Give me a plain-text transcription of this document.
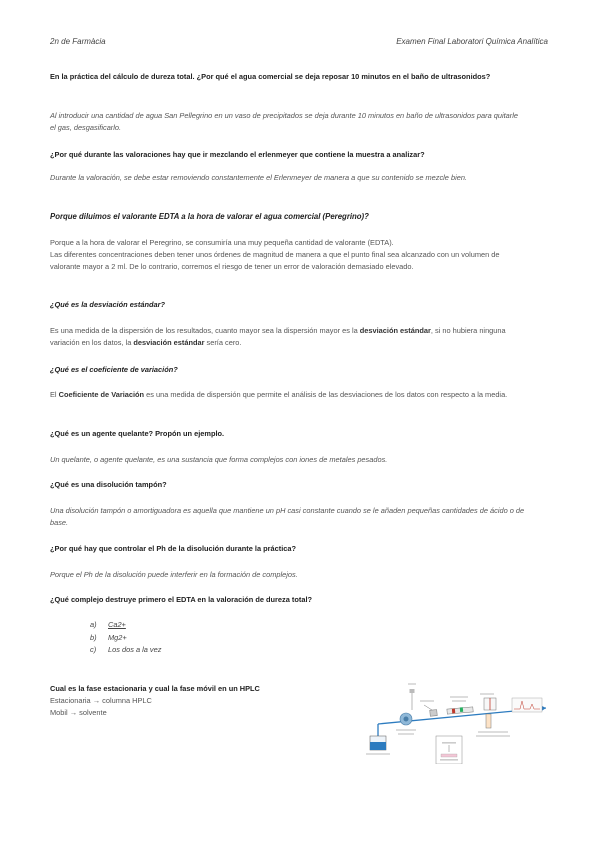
2n de Farmàcia	Examen Final Laboratori Química Analítica
En la práctica del cálculo de dureza total. ¿Por qué el agua comercial se deja reposar 10 minutos en el baño de ultrasonidos?
Al introducir una cantidad de agua San Pellegrino en un vaso de precipitados se deja durante 10 minutos en baño de ultrasonidos para quitarle el gas, desgasificarlo.
¿Por qué durante las valoraciones hay que ir mezclando el erlenmeyer que contiene la muestra a analizar?
Durante la valoración, se debe estar removiendo constantemente el Erlenmeyer de manera a que su contenido se mezcle bien.
Porque diluimos el valorante EDTA a la hora de valorar el agua comercial (Peregrino)?
Porque a la hora de valorar el Peregrino, se consumiría una muy pequeña cantidad de valorante (EDTA).
Las diferentes concentraciones deben tener unos órdenes de magnitud de manera a que el punto final sea alcanzado con un volumen de valorante mayor a 2 ml. De lo contrario, corremos el riesgo de tener un error de valoración demasiado elevado.
¿Qué es la desviación estándar?
Es una medida de la dispersión de los resultados, cuanto mayor sea la dispersión mayor es la desviación estándar, si no hubiera ninguna variación en los datos, la desviación estándar sería cero.
¿Qué es el coeficiente de variación?
El Coeficiente de Variación es una medida de dispersión que permite el análisis de las desviaciones de los datos con respecto a la media.
¿Qué es un agente quelante? Propón un ejemplo.
Un quelante, o agente quelante, es una sustancia que forma complejos con iones de metales pesados.
¿Qué es una disolución tampón?
Una disolución tampón o amortiguadora es aquella que mantiene un pH casi constante cuando se le añaden pequeñas cantidades de ácido o de base.
¿Por qué hay que controlar el Ph de la disolución durante la práctica?
Porque el Ph de la disolución puede interferir en la formación de complejos.
¿Qué complejo destruye primero el EDTA en la valoración de dureza total?
a) Ca2+
b) Mg2+
c) Los dos a la vez
Cual es la fase estacionaria y cual la fase móvil en un HPLC
Estacionaria → columna HPLC
Mobil → solvente
